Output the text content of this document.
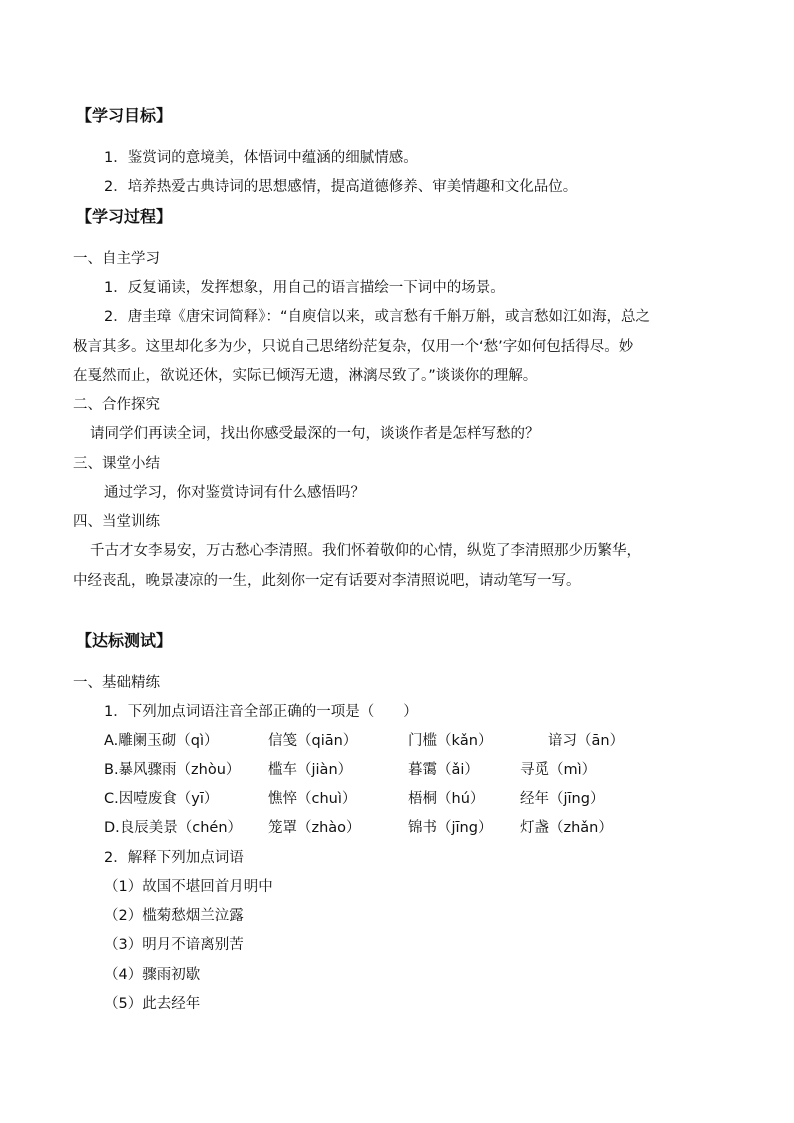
【学习目标】
1．鉴赏词的意境美，体悟词中蕴涵的细腻情感。
2．培养热爱古典诗词的思想感情，提高道德修养、审美情趣和文化品位。
【学习过程】
一、自主学习
1．反复诵读，发挥想象，用自己的语言描绘一下词中的场景。
2．唐圭璋《唐宋词简释》：“自庾信以来，或言愁有千斛万斛，或言愁如江如海，总之
极言其多。这里却化多为少，只说自己思绪纷茫复杂，仅用一个‘愁’字如何包括得尽。妙
在戛然而止，欲说还休，实际已倾泻无遗，淋漓尽致了。”谈谈你的理解。
二、合作探究
请同学们再读全词，找出你感受最深的一句，谈谈作者是怎样写愁的？
三、课堂小结
通过学习，你对鉴赏诗词有什么感悟吗？
四、当堂训练
千古才女李易安，万古愁心李清照。我们怀着敬仰的心情，纵览了李清照那少历繁华，
中经丧乱，晚景凄凉的一生，此刻你一定有话要对李清照说吧，请动笔写一写。
【达标测试】
一、基础精练
1．下列加点词语注音全部正确的一项是（　　）
A.雕阑玉砌（qì）	信笺（qiān）	门槛（kǎn）	谙习（ān）
B.暴风骤雨（zhòu） 槛车（jiàn）	暮霭（ǎi）	寻觅（mì）
C.因噎废食（yī）	憔悴（chuì）	梧桐（hú） 经年（jīng）
D.良辰美景（chén） 笼罩（zhào）	锦书（jīng） 灯盏（zhǎn）
2．解释下列加点词语
（1）故国不堪回首月明中
（2）槛菊愁烟兰泣露
（3）明月不谙离别苦
（4）骤雨初歇
（5）此去经年
